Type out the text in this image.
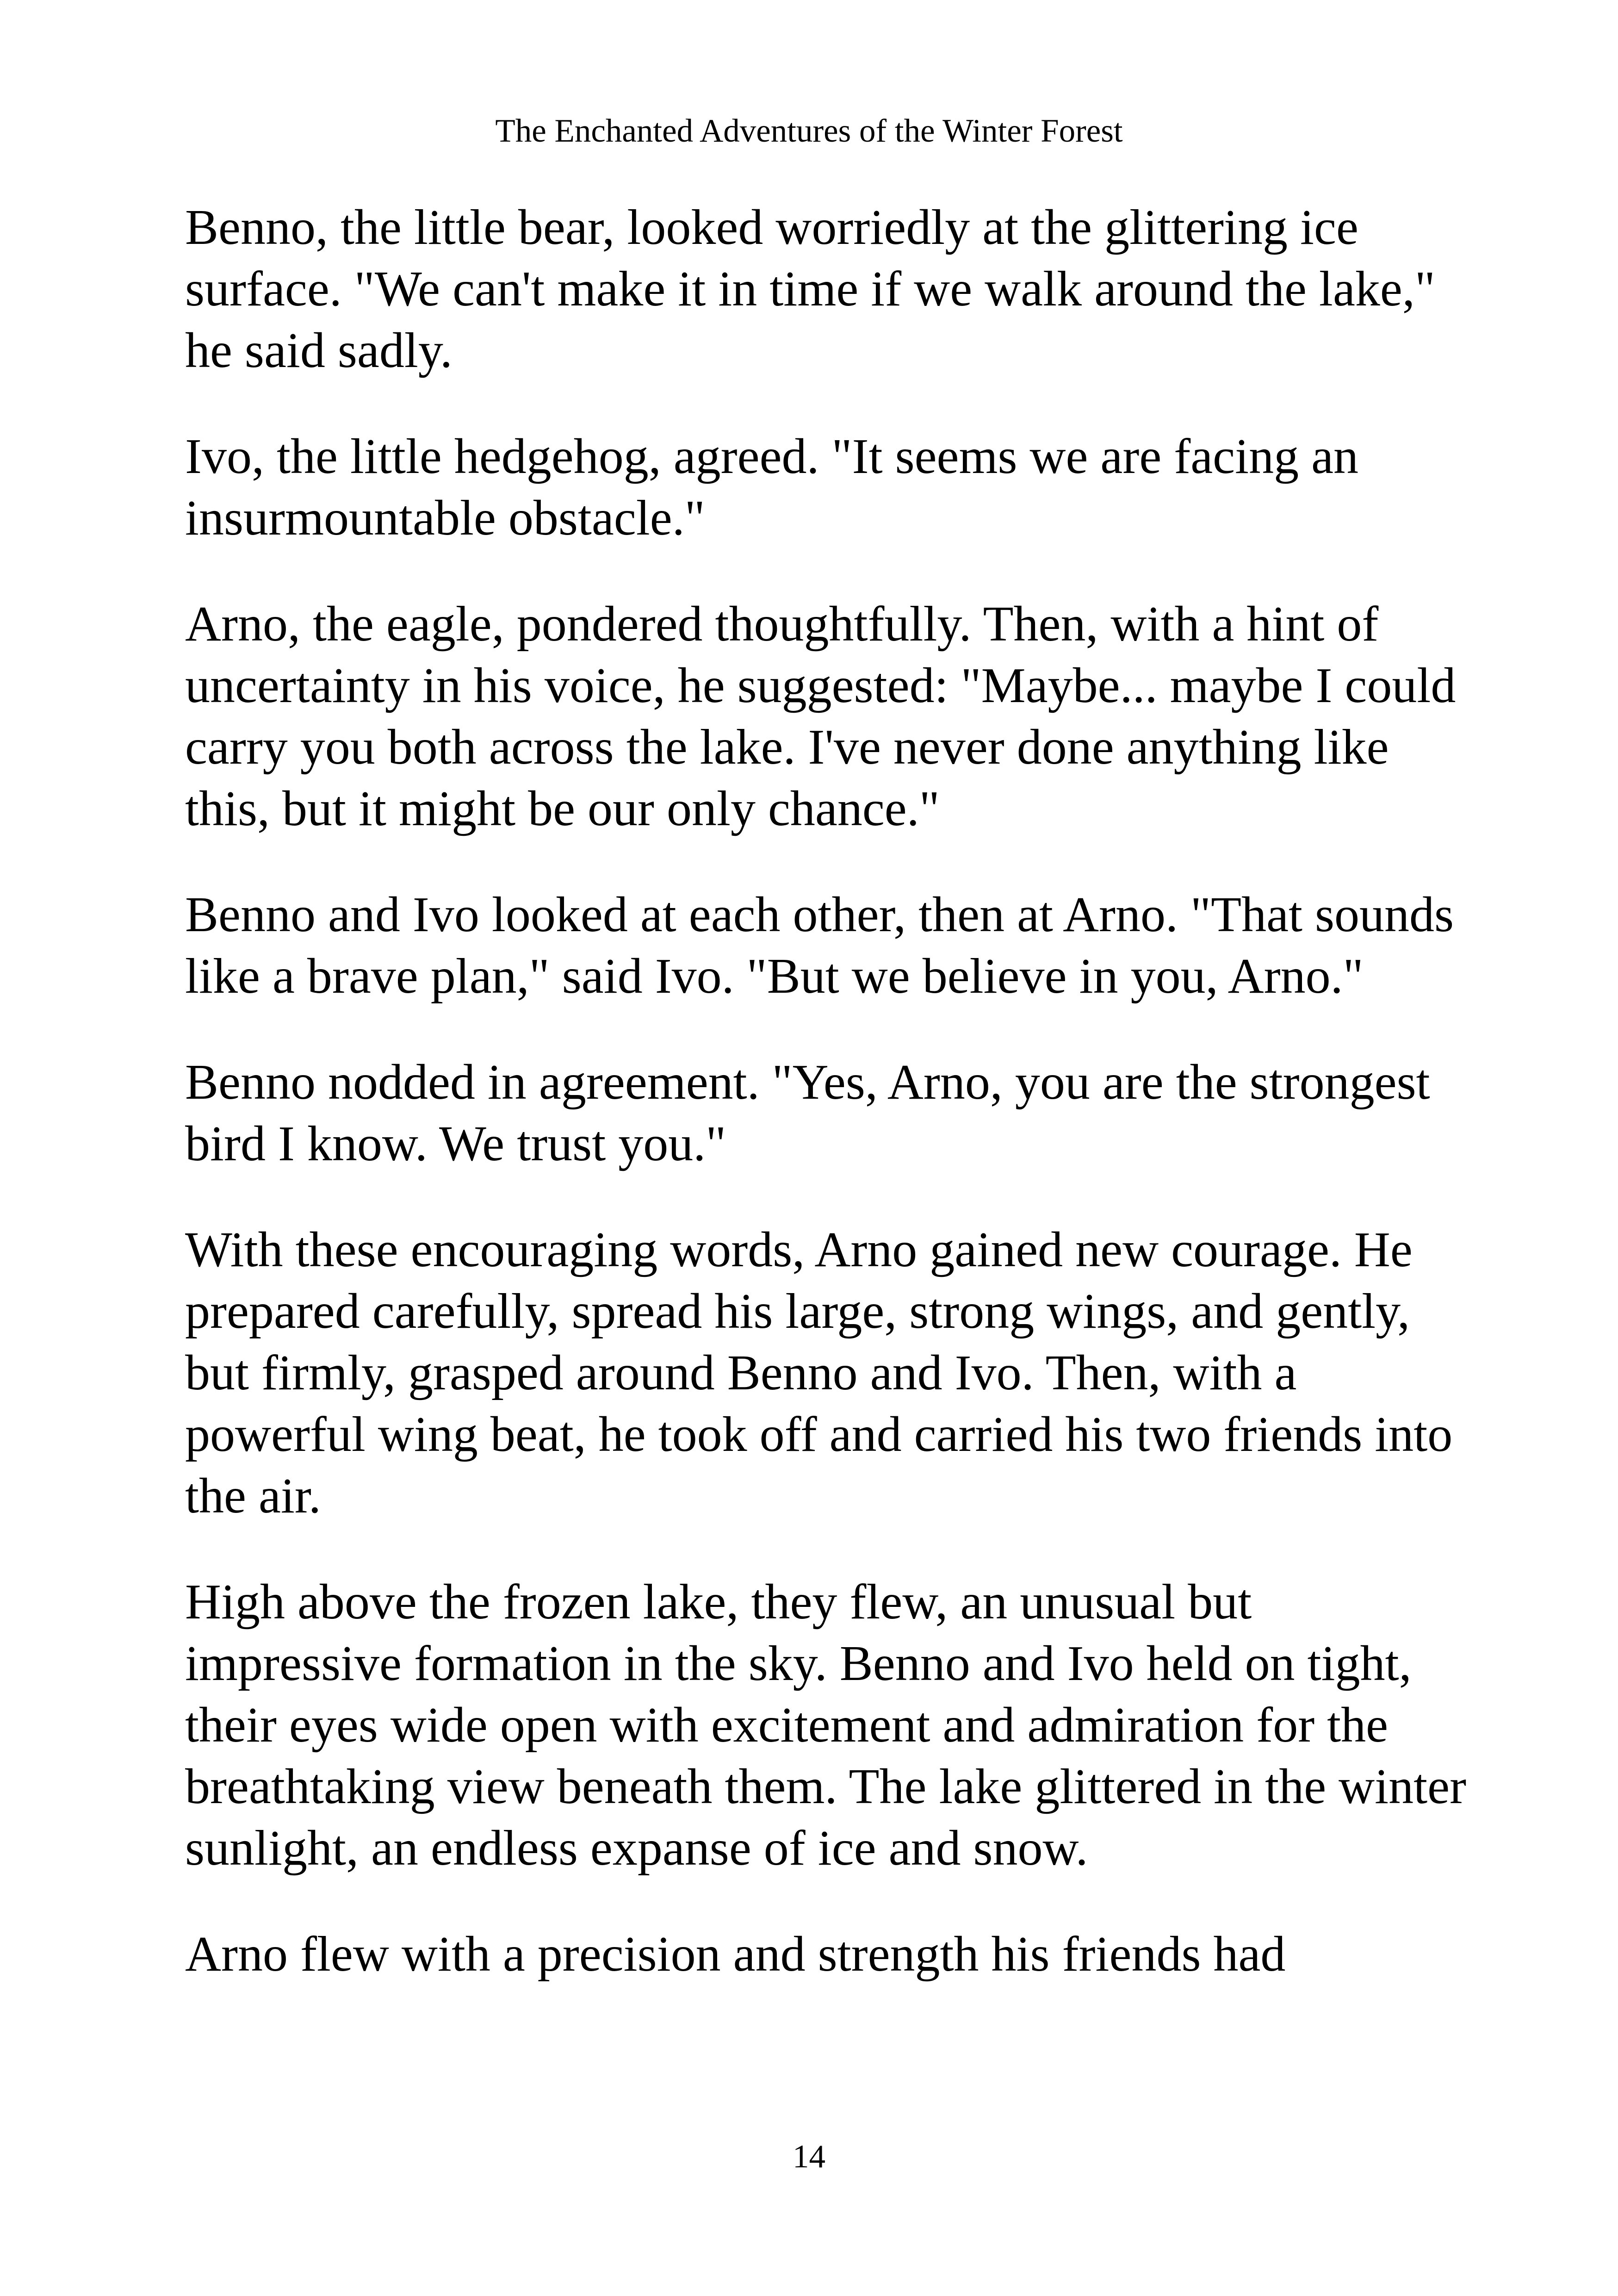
The Enchanted Adventures of the Winter Forest

Benno, the little bear, looked worriedly at the glittering ice surface. "We can't make it in time if we walk around the lake," he said sadly.

Ivo, the little hedgehog, agreed. "It seems we are facing an insurmountable obstacle."

Arno, the eagle, pondered thoughtfully. Then, with a hint of uncertainty in his voice, he suggested: "Maybe... maybe I could carry you both across the lake. I've never done anything like this, but it might be our only chance."

Benno and Ivo looked at each other, then at Arno. "That sounds like a brave plan," said Ivo. "But we believe in you, Arno."

Benno nodded in agreement. "Yes, Arno, you are the strongest bird I know. We trust you."

With these encouraging words, Arno gained new courage. He prepared carefully, spread his large, strong wings, and gently, but firmly, grasped around Benno and Ivo. Then, with a powerful wing beat, he took off and carried his two friends into the air.

High above the frozen lake, they flew, an unusual but impressive formation in the sky. Benno and Ivo held on tight, their eyes wide open with excitement and admiration for the breathtaking view beneath them. The lake glittered in the winter sunlight, an endless expanse of ice and snow.

Arno flew with a precision and strength his friends had

14
